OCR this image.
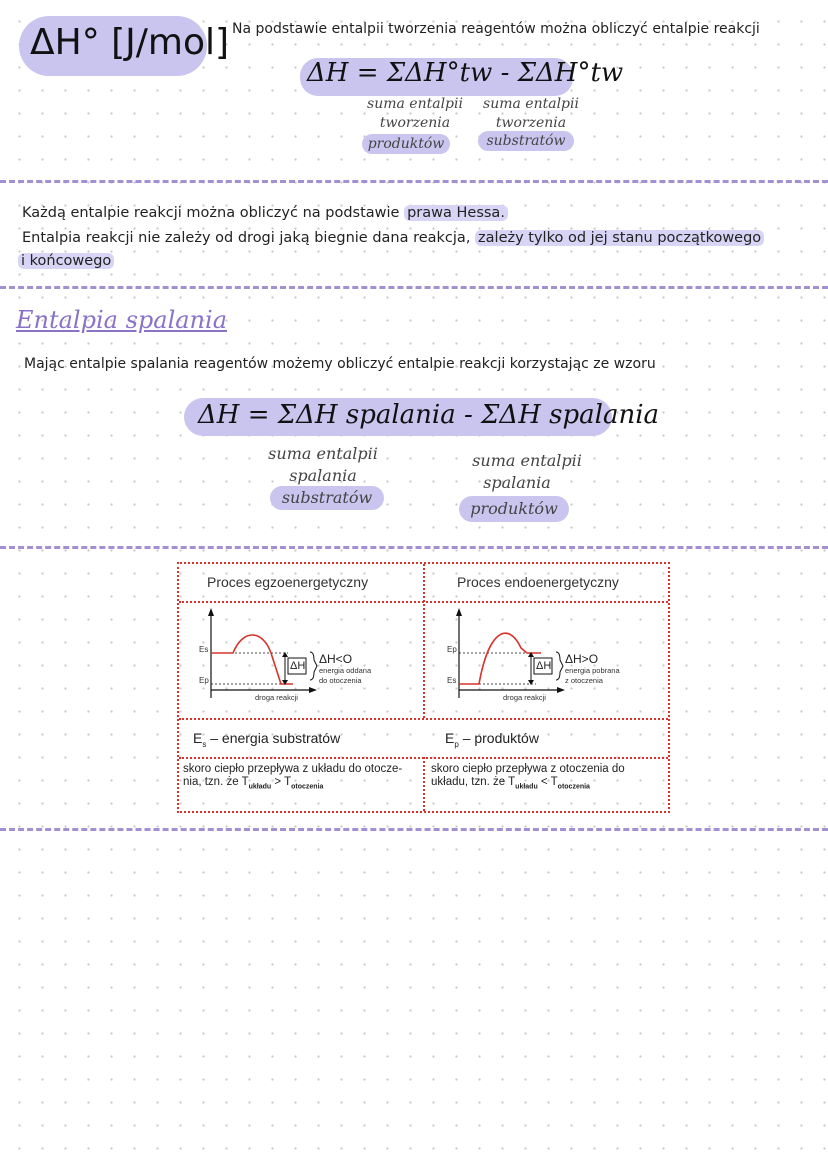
ΔH° [J/mol] Na podstawie entalpii tworzenia reagentów można obliczyć entalpie reakcji
ΔH = ΣΔH°tw - ΣΔH°tw
suma entalpii
tworzenia
produktów
suma entalpii
tworzenia
substratów
Każdą entalpie reakcji można obliczyć na podstawie prawa Hessa.
Entalpia reakcji nie zależy od drogi jaką biegnie dana reakcja, zależy tylko od jej stanu początkowego
i końcowego
Entalpia spalania
Mając entalpie spalania reagentów możemy obliczyć entalpie reakcji korzystając ze wzoru
ΔH = ΣΔH spalania - ΣΔH spalania
suma entalpii
spalania
substratów
suma entalpii
spalania
produktów
Proces egzoenergetyczny	Proces endoenergetyczny
Es
Ep
ΔH ΔH<O
energia oddana
do otoczenia
droga reakcji
Ep
Es
ΔH ΔH>O
energia pobrana
z otoczenia
droga reakcji
$E_s$ – energia substratów	$E_p$ – produktów
skoro ciepło przepływa z układu do otocze-
nia, tzn. że $T_{układu} > T_{otoczenia}$
skoro ciepło przepływa z otoczenia do
układu, tzn. że $T_{układu} < T_{otoczenia}$
